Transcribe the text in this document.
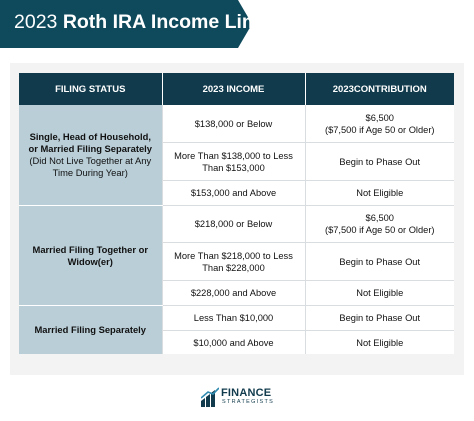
2023 Roth IRA Income Limits
FILING STATUS	2023 INCOME	2023CONTRIBUTION

Single, Head of Household, or Married Filing Separately
(Did Not Live Together at Any Time During Year)	$138,000 or Below	$6,500
($7,500 if Age 50 or Older)
	More Than $138,000 to Less Than $153,000	Begin to Phase Out
	$153,000 and Above	Not Eligible

Married Filing Together or Widow(er)	$218,000 or Below	$6,500
($7,500 if Age 50 or Older)
	More Than $218,000 to Less Than $228,000	Begin to Phase Out
	$228,000 and Above	Not Eligible

Married Filing Separately	Less Than $10,000	Begin to Phase Out
	$10,000 and Above	Not Eligible
FINANCE
STRATEGISTS
